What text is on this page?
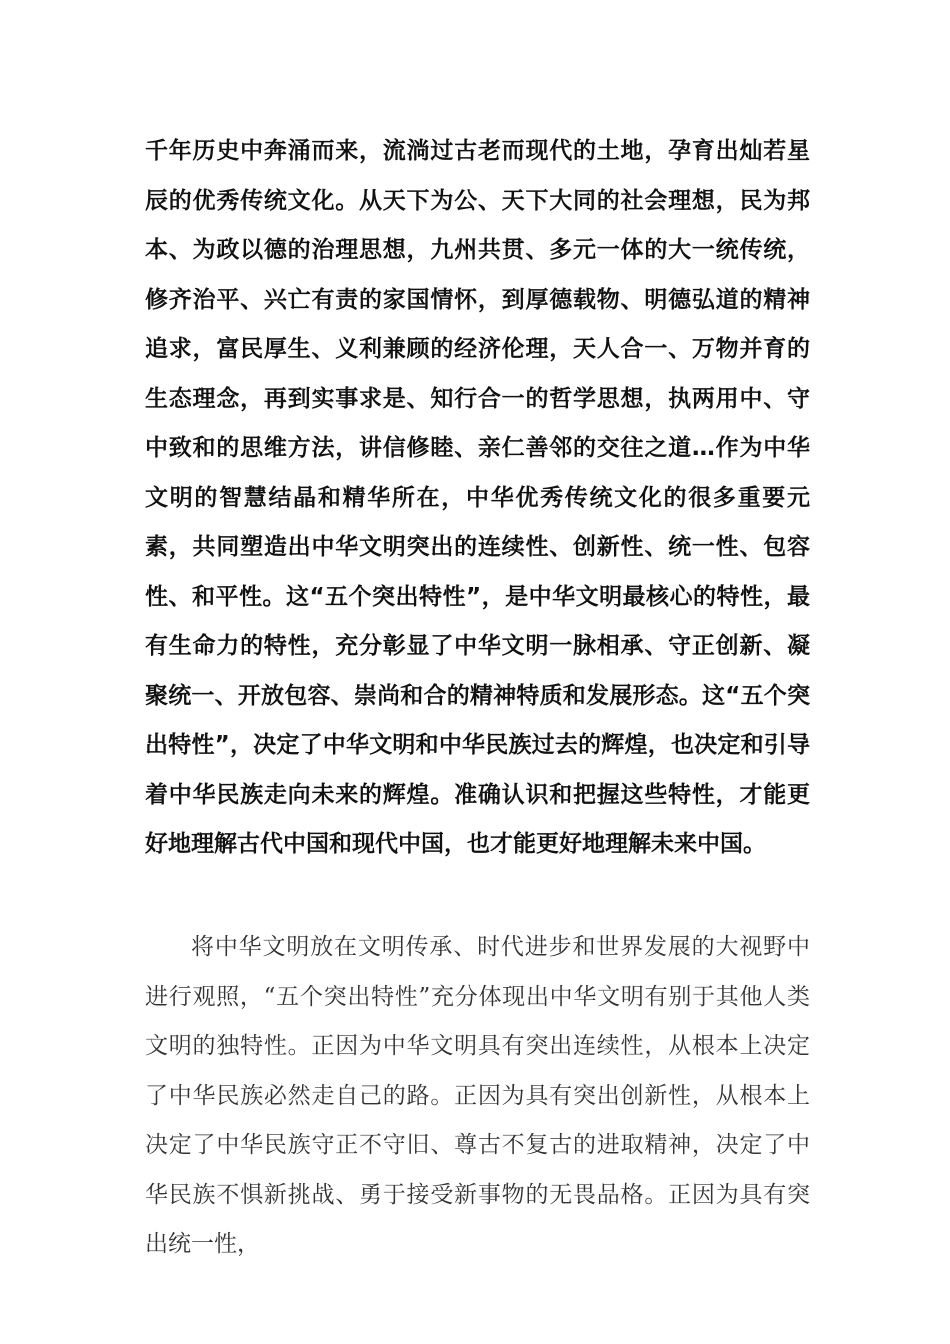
千年历史中奔涌而来，流淌过古老而现代的土地，孕育出灿若星辰的优秀传统文化。从天下为公、天下大同的社会理想，民为邦本、为政以德的治理思想，九州共贯、多元一体的大一统传统，修齐治平、兴亡有责的家国情怀，到厚德载物、明德弘道的精神追求，富民厚生、义利兼顾的经济伦理，天人合一、万物并育的生态理念，再到实事求是、知行合一的哲学思想，执两用中、守中致和的思维方法，讲信修睦、亲仁善邻的交往之道…作为中华文明的智慧结晶和精华所在，中华优秀传统文化的很多重要元素，共同塑造出中华文明突出的连续性、创新性、统一性、包容性、和平性。这“五个突出特性”，是中华文明最核心的特性，最有生命力的特性，充分彰显了中华文明一脉相承、守正创新、凝聚统一、开放包容、崇尚和合的精神特质和发展形态。这“五个突出特性”，决定了中华文明和中华民族过去的辉煌，也决定和引导着中华民族走向未来的辉煌。准确认识和把握这些特性，才能更好地理解古代中国和现代中国，也才能更好地理解未来中国。

将中华文明放在文明传承、时代进步和世界发展的大视野中进行观照，“五个突出特性”充分体现出中华文明有别于其他人类文明的独特性。正因为中华文明具有突出连续性，从根本上决定了中华民族必然走自己的路。正因为具有突出创新性，从根本上决定了中华民族守正不守旧、尊古不复古的进取精神，决定了中华民族不惧新挑战、勇于接受新事物的无畏品格。正因为具有突出统一性，
